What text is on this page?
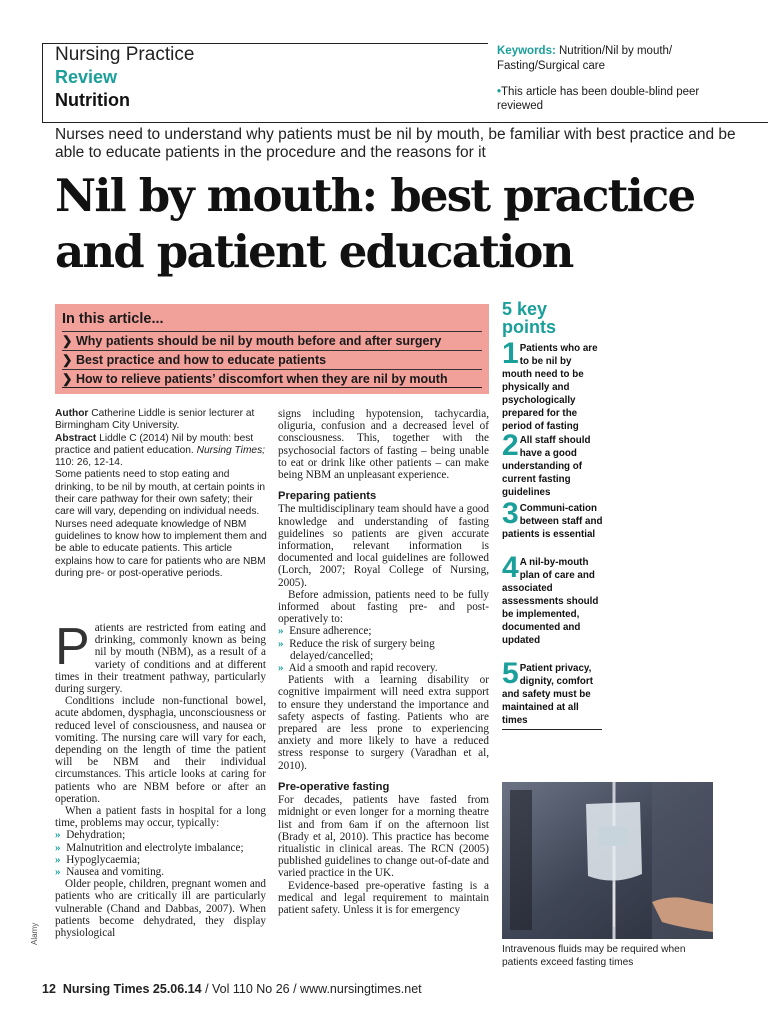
Nursing Practice
Review
Nutrition
Keywords: Nutrition/Nil by mouth/ Fasting/Surgical care
•This article has been double-blind peer reviewed
Nurses need to understand why patients must be nil by mouth, be familiar with best practice and be able to educate patients in the procedure and the reasons for it
Nil by mouth: best practice
and patient education
In this article...
❯ Why patients should be nil by mouth before and after surgery
❯ Best practice and how to educate patients
❯ How to relieve patients’ discomfort when they are nil by mouth

Author Catherine Liddle is senior lecturer at Birmingham City University.

Abstract Liddle C (2014) Nil by mouth: best practice and patient education. Nursing Times; 110: 26, 12-14.

Some patients need to stop eating and drinking, to be nil by mouth, at certain points in their care pathway for their own safety; their care will vary, depending on individual needs. Nurses need adequate knowledge of NBM guidelines to know how to implement them and be able to educate patients. This article explains how to care for patients who are NBM during pre- or post-operative periods.

Patients are restricted from eating and drinking, commonly known as being nil by mouth (NBM), as a result of a variety of conditions and at different times in their treatment pathway, particularly during surgery.

Conditions include non-functional bowel, acute abdomen, dysphagia, unconsciousness or reduced level of consciousness, and nausea or vomiting. The nursing care will vary for each, depending on the length of time the patient will be NBM and their individual circumstances. This article looks at caring for patients who are NBM before or after an operation.

When a patient fasts in hospital for a long time, problems may occur, typically:

» Dehydration;

» Malnutrition and electrolyte imbalance;

» Hypoglycaemia;

» Nausea and vomiting.

Older people, children, pregnant women and patients who are critically ill are particularly vulnerable (Chand and Dabbas, 2007). When patients become dehydrated, they display physiological

signs including hypotension, tachycardia, oliguria, confusion and a decreased level of consciousness. This, together with the psychosocial factors of fasting – being unable to eat or drink like other patients – can make being NBM an unpleasant experience.

Preparing patients

The multidisciplinary team should have a good knowledge and understanding of fasting guidelines so patients are given accurate information, relevant information is documented and local guidelines are followed (Lorch, 2007; Royal College of Nursing, 2005).

Before admission, patients need to be fully informed about fasting pre- and post-operatively to:

» Ensure adherence;

» Reduce the risk of surgery being delayed/cancelled;

» Aid a smooth and rapid recovery.

Patients with a learning disability or cognitive impairment will need extra support to ensure they understand the importance and safety aspects of fasting. Patients who are prepared are less prone to experiencing anxiety and more likely to have a reduced stress response to surgery (Varadhan et al, 2010).

Pre-operative fasting

For decades, patients have fasted from midnight or even longer for a morning theatre list and from 6am if on the afternoon list (Brady et al, 2010). This practice has become ritualistic in clinical areas. The RCN (2005) published guidelines to change out-of-date and varied practice in the UK.

Evidence-based pre-operative fasting is a medical and legal requirement to maintain patient safety. Unless it is for emergency

5 key
points
1 Patients who are to be nil by mouth need to be physically and psychologically prepared for the period of fasting
2 All staff should have a good understanding of current fasting guidelines
3 Communi-cation between staff and patients is essential
4 A nil-by-mouth plan of care and associated assessments should be implemented, documented and updated
5 Patient privacy, dignity, comfort and safety must be maintained at all times
Intravenous fluids may be required when patients exceed fasting times
Alamy
12 Nursing Times 25.06.14 / Vol 110 No 26 / www.nursingtimes.net
